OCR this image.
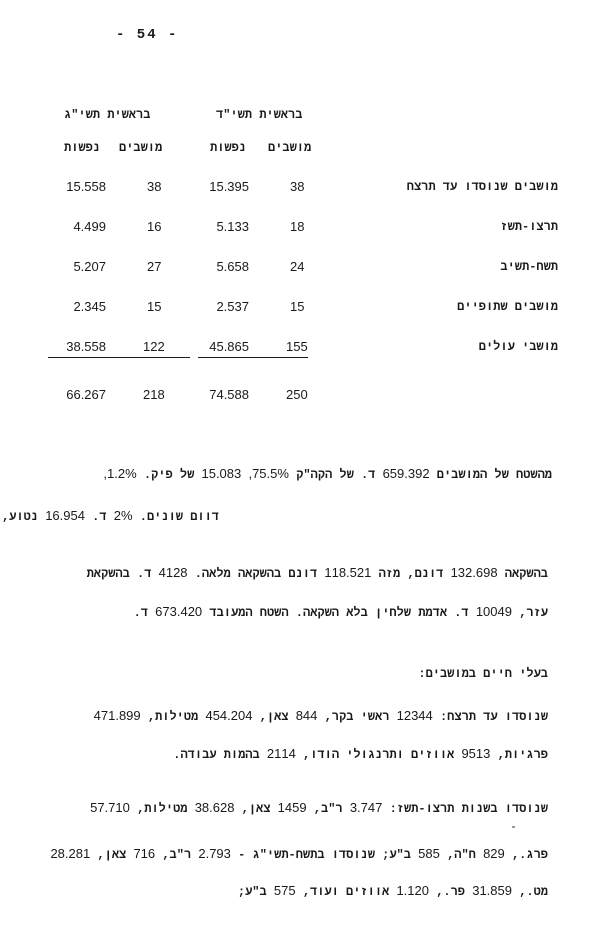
- 54 -
בראשית תשי"ד
בראשית תשי"ג
מושבים
נפשות
מושבים
נפשות
מושבים שנוסדו עד תרצח
38
15.395
38
15.558
תרצו-תשז
18
5.133
16
4.499
תשח-תשיב
24
5.658
27
5.207
מושבים שתופיים
15
2.537
15
2.345
מושבי עולים
155
45.865
122
38.558
250
74.588
218
66.267
מהשטח של המושבים 659.392 ד. של הקה"ק 75.5%, 15.083 של פיק. 1.2%,
דוום שונים. 2% ד. 16.954 נטוע,
בהשקאה 132.698 דונם, מזה 118.521 דונם בהשקאה מלאה. 4128 ד. בהשקאת
עזר, 10049 ד. אדמת שלחין בלא השקאה. השטח המעובד 673.420 ד.
בעלי חיים במושבים:
שנוסדו עד תרצח: 12344 ראשי בקר, 844 צאן, 454.204 מטילות, 471.899
פרגיות, 9513 אווזים ותרנגולי הודו, 2114 בהמות עבודה.
שנוסדו בשנות תרצו-תשז: 3.747 ר"ב, 1459 צאן, 38.628 מטילות, 57.710
פרג., 829 ח"ה, 585 ב"ע; שנוסדו בתשח-תשי"ג - 2.793 ר"ב, 716 צאן, 28.281
מט., 31.859 פר., 1.120 אווזים ועוד, 575 ב"ע;
